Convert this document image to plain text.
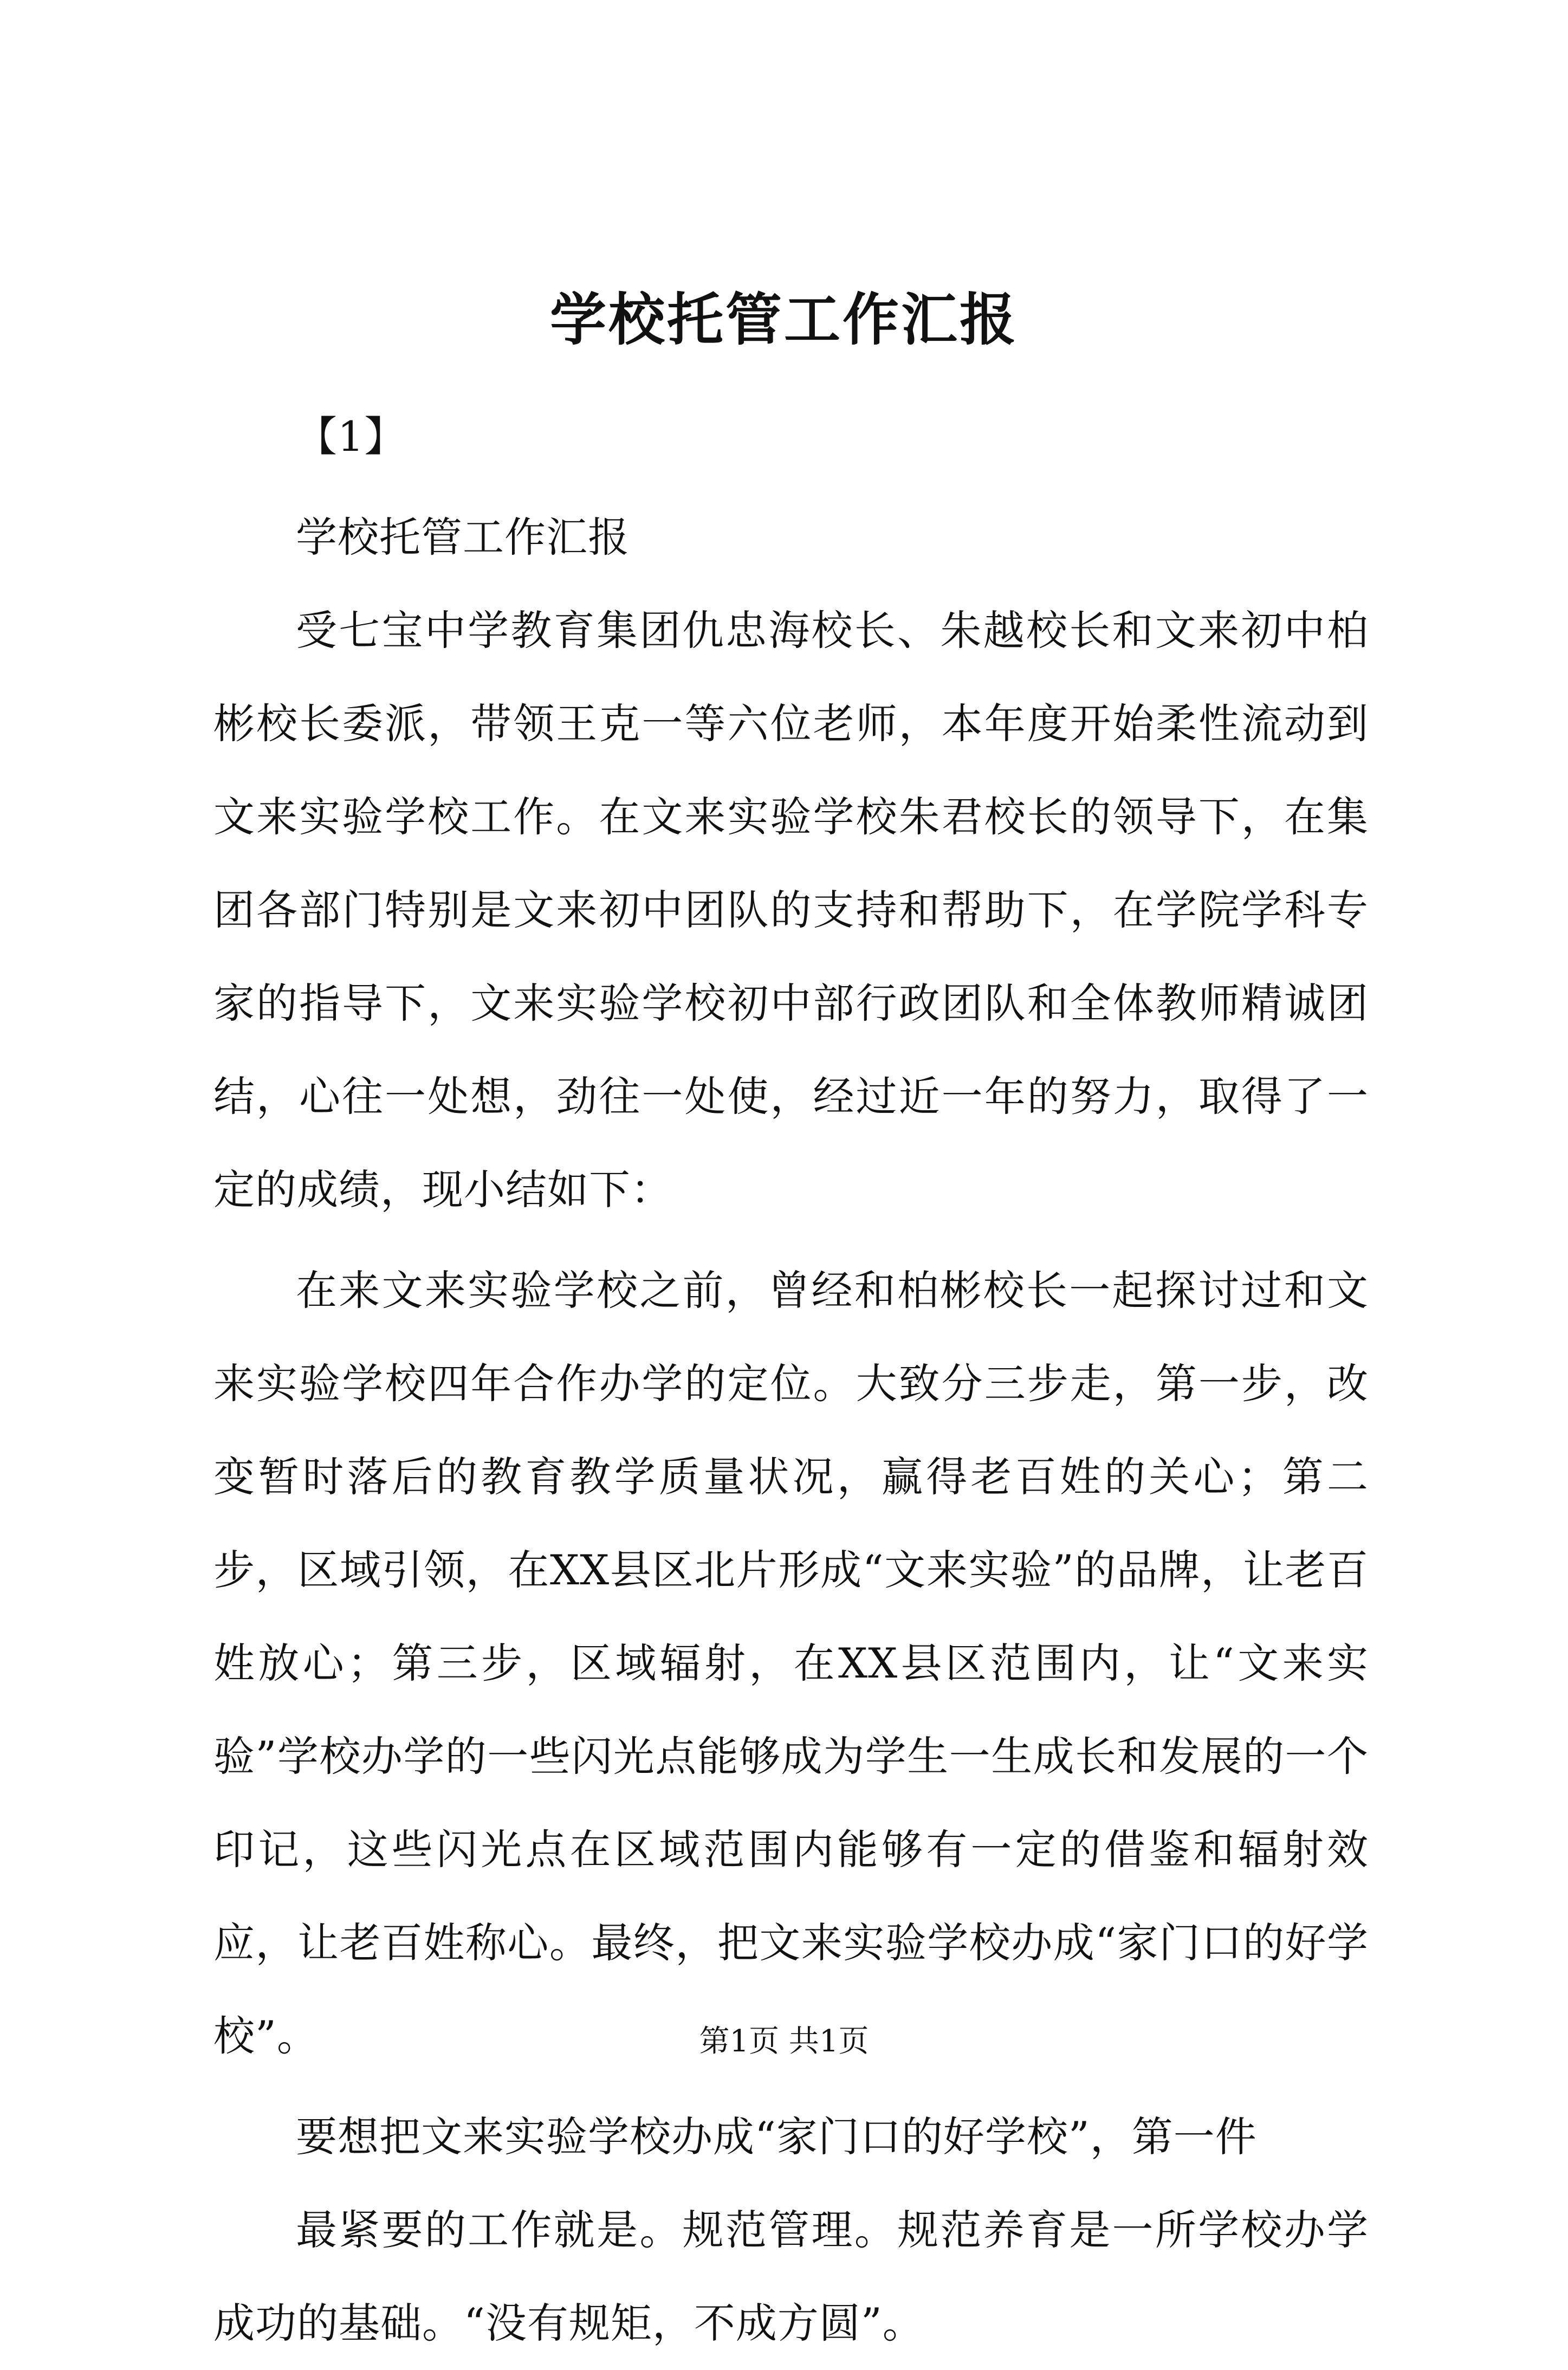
学校托管工作汇报

【1】

学校托管工作汇报

受七宝中学教育集团仇忠海校长、朱越校长和文来初中柏彬校长委派，带领王克一等六位老师，本年度开始柔性流动到文来实验学校工作。在文来实验学校朱君校长的领导下，在集团各部门特别是文来初中团队的支持和帮助下，在学院学科专家的指导下，文来实验学校初中部行政团队和全体教师精诚团结，心往一处想，劲往一处使，经过近一年的努力，取得了一定的成绩，现小结如下：

在来文来实验学校之前，曾经和柏彬校长一起探讨过和文来实验学校四年合作办学的定位。大致分三步走，第一步，改变暂时落后的教育教学质量状况，赢得老百姓的关心；第二步，区域引领，在XX县区北片形成“文来实验”的品牌，让老百姓放心；第三步，区域辐射，在XX县区范围内，让“文来实验”学校办学的一些闪光点能够成为学生一生成长和发展的一个印记，这些闪光点在区域范围内能够有一定的借鉴和辐射效应，让老百姓称心。最终，把文来实验学校办成“家门口的好学校”。

要想把文来实验学校办成“家门口的好学校”，第一件

最紧要的工作就是。规范管理。规范养育是一所学校办学成功的基础。“没有规矩，不成方圆”。

第1页 共1页
